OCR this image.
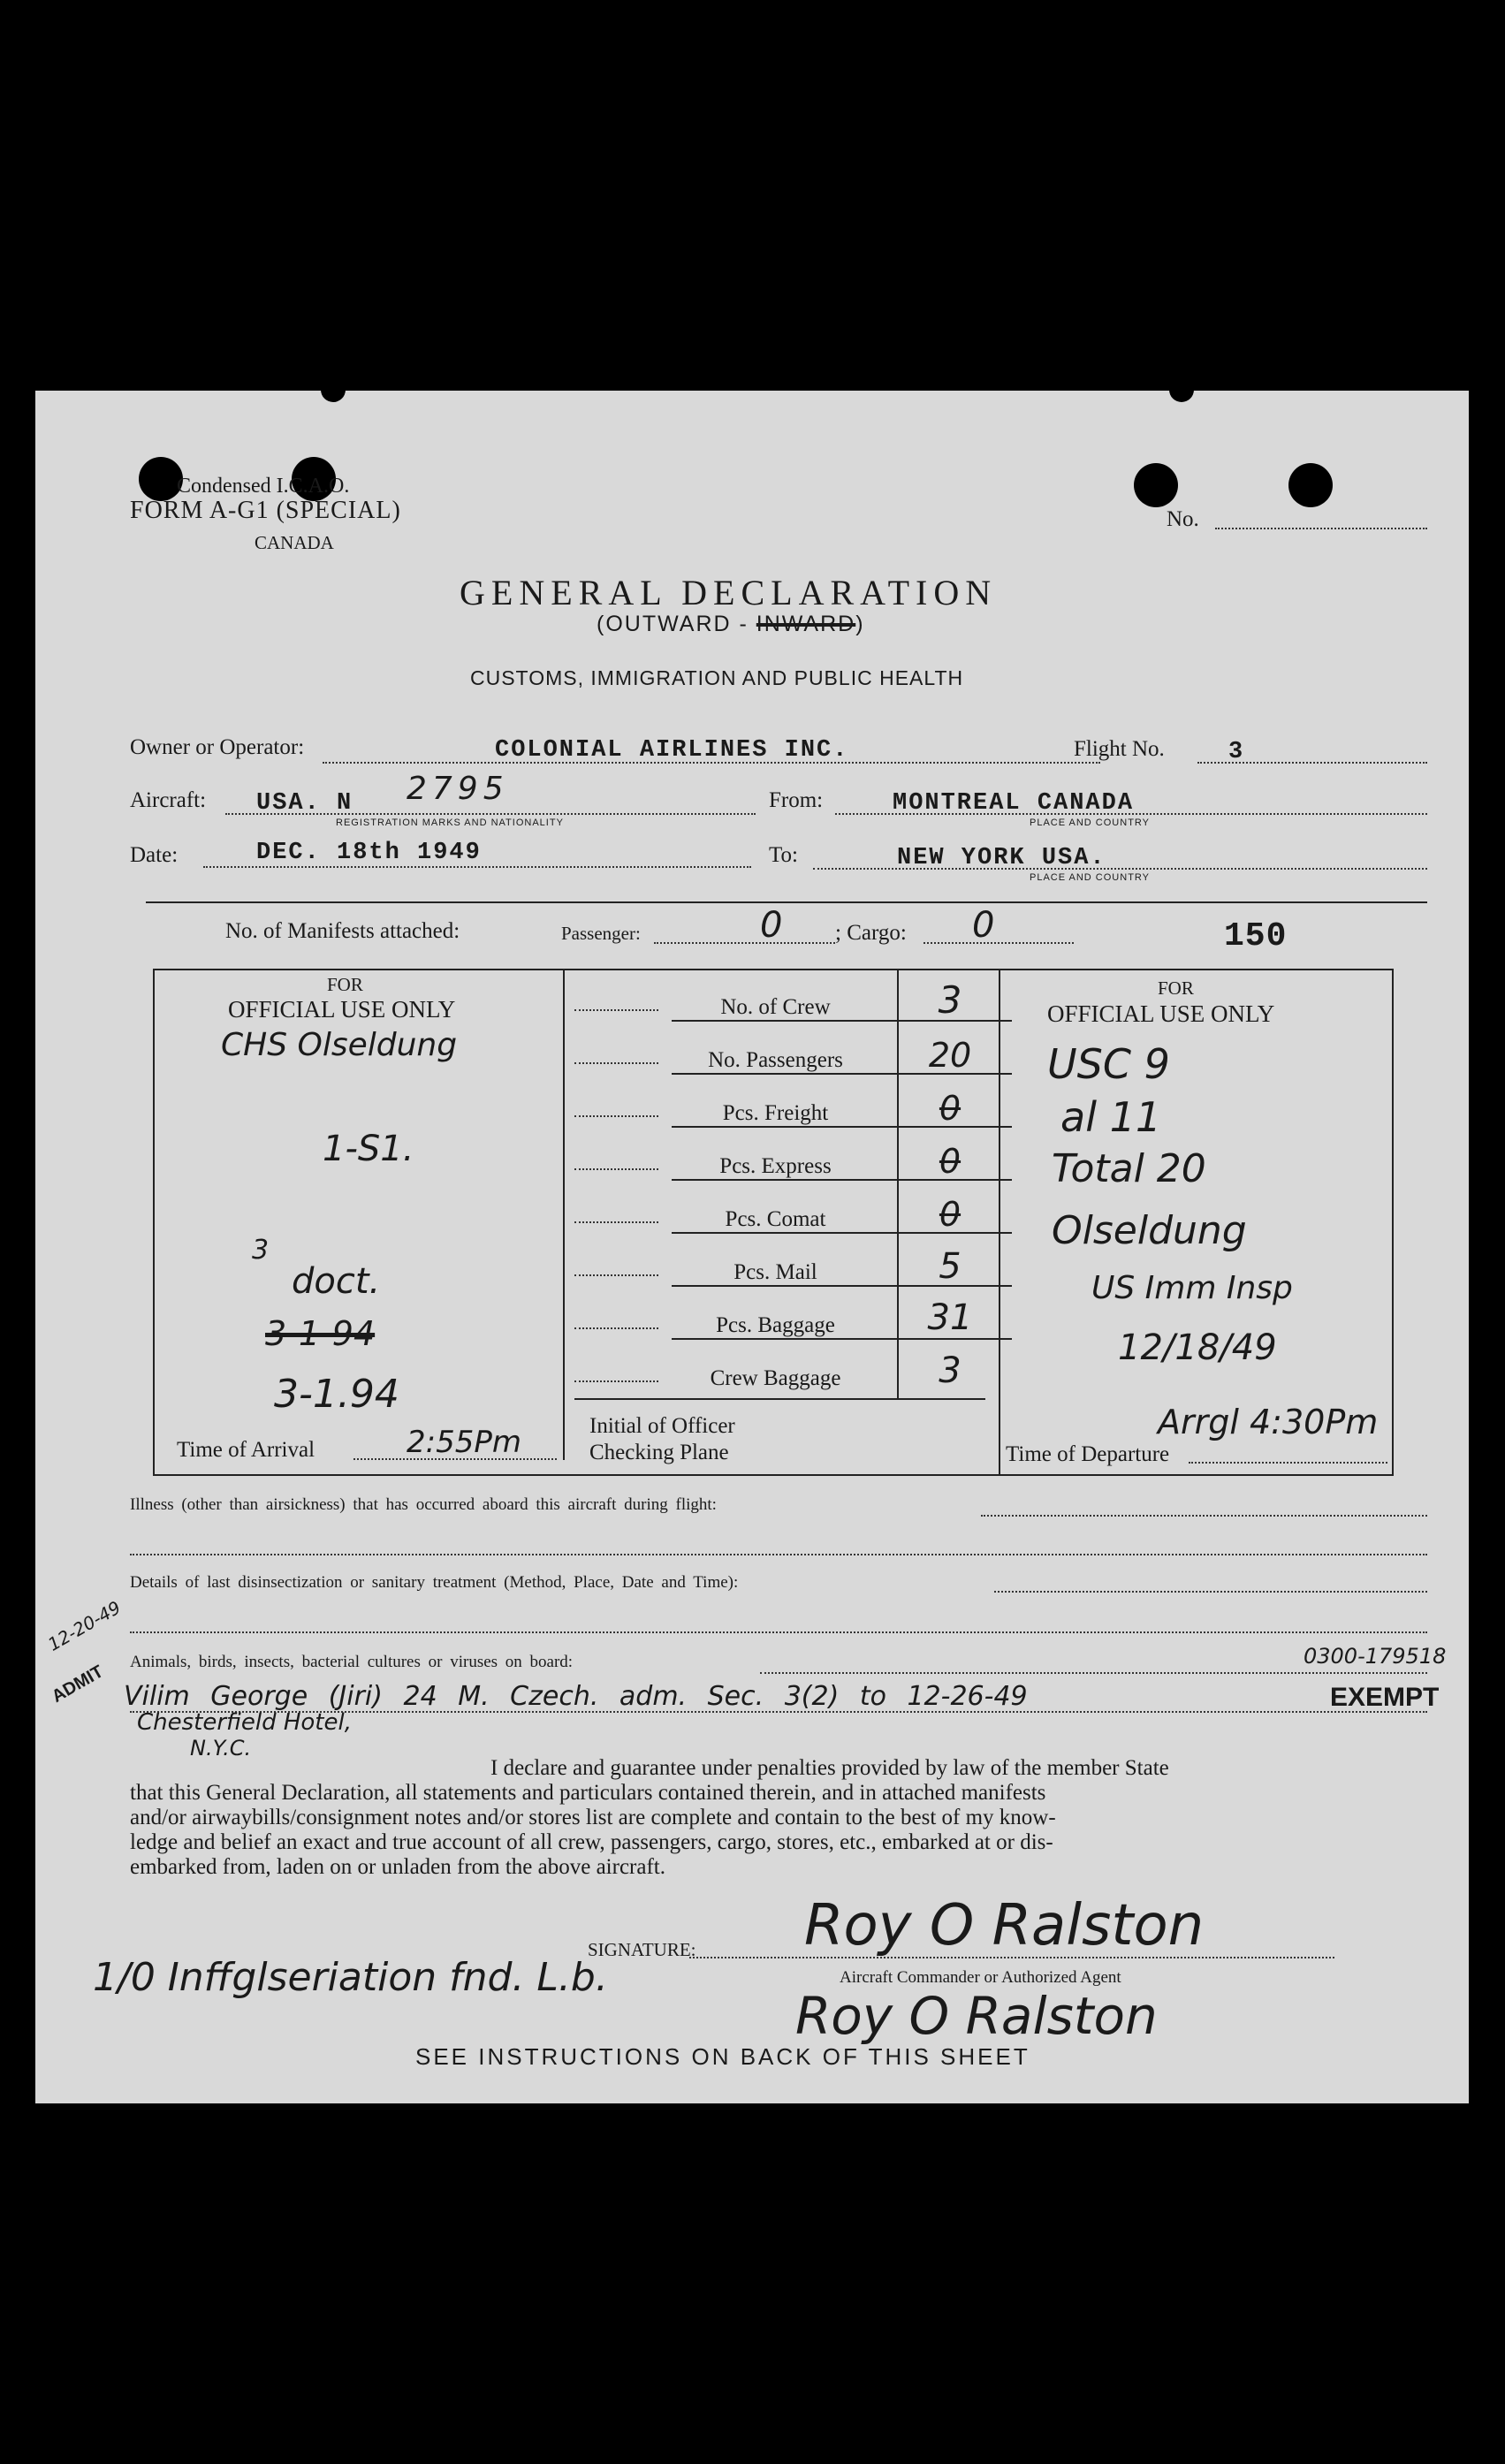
Condensed I.C.A.O.
FORM A-G1 (SPECIAL)
CANADA
No.
GENERAL DECLARATION
(OUTWARD - INWARD)
CUSTOMS, IMMIGRATION AND PUBLIC HEALTH
Owner or Operator:	COLONIAL AIRLINES INC.	Flight No.	3
Aircraft: USA. N 2795
REGISTRATION MARKS AND NATIONALITY
From:	MONTREAL CANADA
PLACE AND COUNTRY
Date:	DEC. 18th 1949	To:	NEW YORK USA.
PLACE AND COUNTRY
No. of Manifests attached:	Passenger:	0 ; Cargo: 0	150
FOR
OFFICIAL USE ONLY
CHS Olseldung
1-S1.
3
doct.
3-1-94
3-1.94
Time of Arrival	2:55Pm
No. of Crew	3
No. Passengers	20
Pcs. Freight	0
Pcs. Express	0
Pcs. Comat	0
Pcs. Mail	5
Pcs. Baggage	31
Crew Baggage	3
Initial of Officer
Checking Plane
FOR
OFFICIAL USE ONLY
USC 9
al 11
Total 20
Olseldung
US Imm Insp
12/18/49
Time of Departure
Arrgl 4:30Pm
Illness (other than airsickness) that has occurred aboard this aircraft during flight:
Details of last disinsectization or sanitary treatment (Method, Place, Date and Time):
12-20-49
ADMIT Animals, birds, insects, bacterial cultures or viruses on board:	0300-179518
Vilim George (Jiri) 24 M. Czech. adm. Sec. 3(2) to 12-26-49	EXEMPT
Chesterfield Hotel,
N.Y.C.
I declare and guarantee under penalties provided by law of the member State
that this General Declaration, all statements and particulars contained therein, and in attached manifests
and/or airwaybills/consignment notes and/or stores list are complete and contain to the best of my know-
ledge and belief an exact and true account of all crew, passengers, cargo, stores, etc., embarked at or dis-
embarked from, laden on or unladen from the above aircraft.
SIGNATURE: Roy O Ralston
Aircraft Commander or Authorized Agent
Roy O Ralston
1/0 Inffglseriation fnd. L.b.
SEE INSTRUCTIONS ON BACK OF THIS SHEET
